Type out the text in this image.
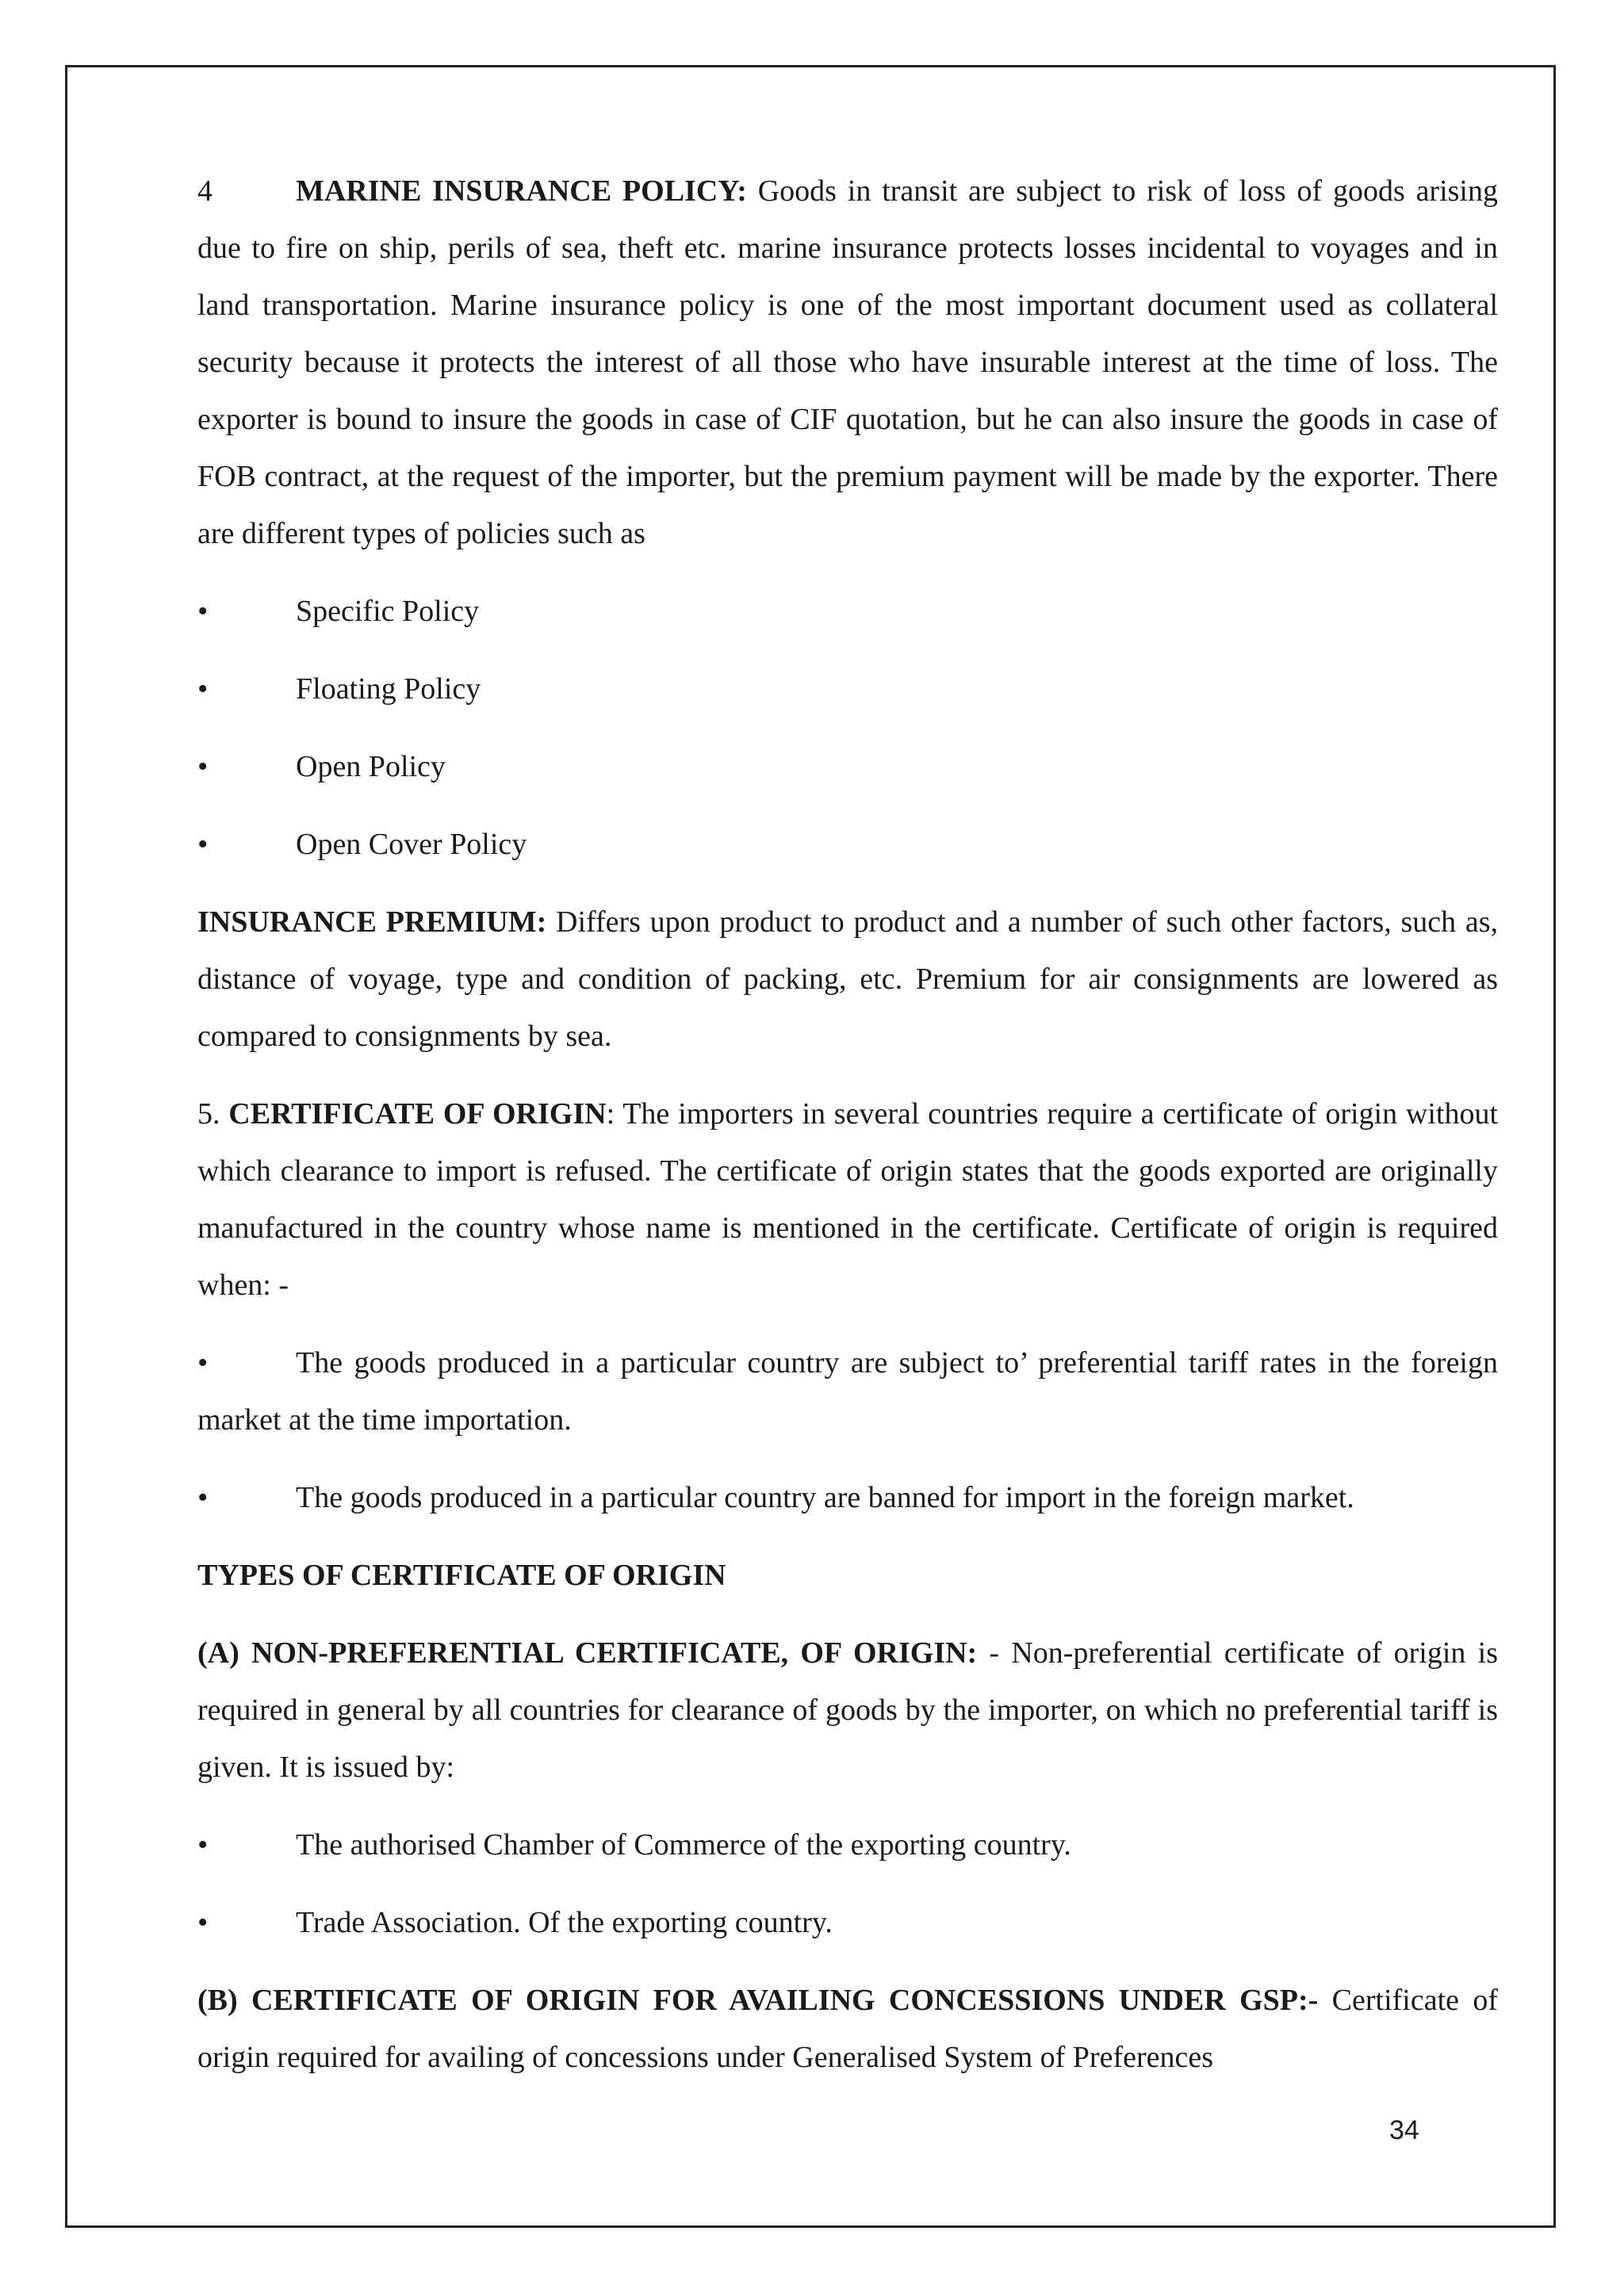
4	MARINE INSURANCE POLICY: Goods in transit are subject to risk of loss of goods arising due to fire on ship, perils of sea, theft etc. marine insurance protects losses incidental to voyages and in land transportation. Marine insurance policy is one of the most important document used as collateral security because it protects the interest of all those who have insurable interest at the time of loss. The exporter is bound to insure the goods in case of CIF quotation, but he can also insure the goods in case of FOB contract, at the request of the importer, but the premium payment will be made by the exporter. There are different types of policies such as

•	Specific Policy
•	Floating Policy
•	Open Policy
•	Open Cover Policy

INSURANCE PREMIUM: Differs upon product to product and a number of such other factors, such as, distance of voyage, type and condition of packing, etc. Premium for air consignments are lowered as compared to consignments by sea.

5. CERTIFICATE OF ORIGIN: The importers in several countries require a certificate of origin without which clearance to import is refused. The certificate of origin states that the goods exported are originally manufactured in the country whose name is mentioned in the certificate. Certificate of origin is required when: -

•	The goods produced in a particular country are subject to’ preferential tariff rates in the foreign market at the time importation.

•	The goods produced in a particular country are banned for import in the foreign market.

TYPES OF CERTIFICATE OF ORIGIN

(A) NON-PREFERENTIAL CERTIFICATE, OF ORIGIN: - Non-preferential certificate of origin is required in general by all countries for clearance of goods by the importer, on which no preferential tariff is given. It is issued by:

•	The authorised Chamber of Commerce of the exporting country.
•	Trade Association. Of the exporting country.

(B) CERTIFICATE OF ORIGIN FOR AVAILING CONCESSIONS UNDER GSP:- Certificate of origin required for availing of concessions under Generalised System of Preferences

34
